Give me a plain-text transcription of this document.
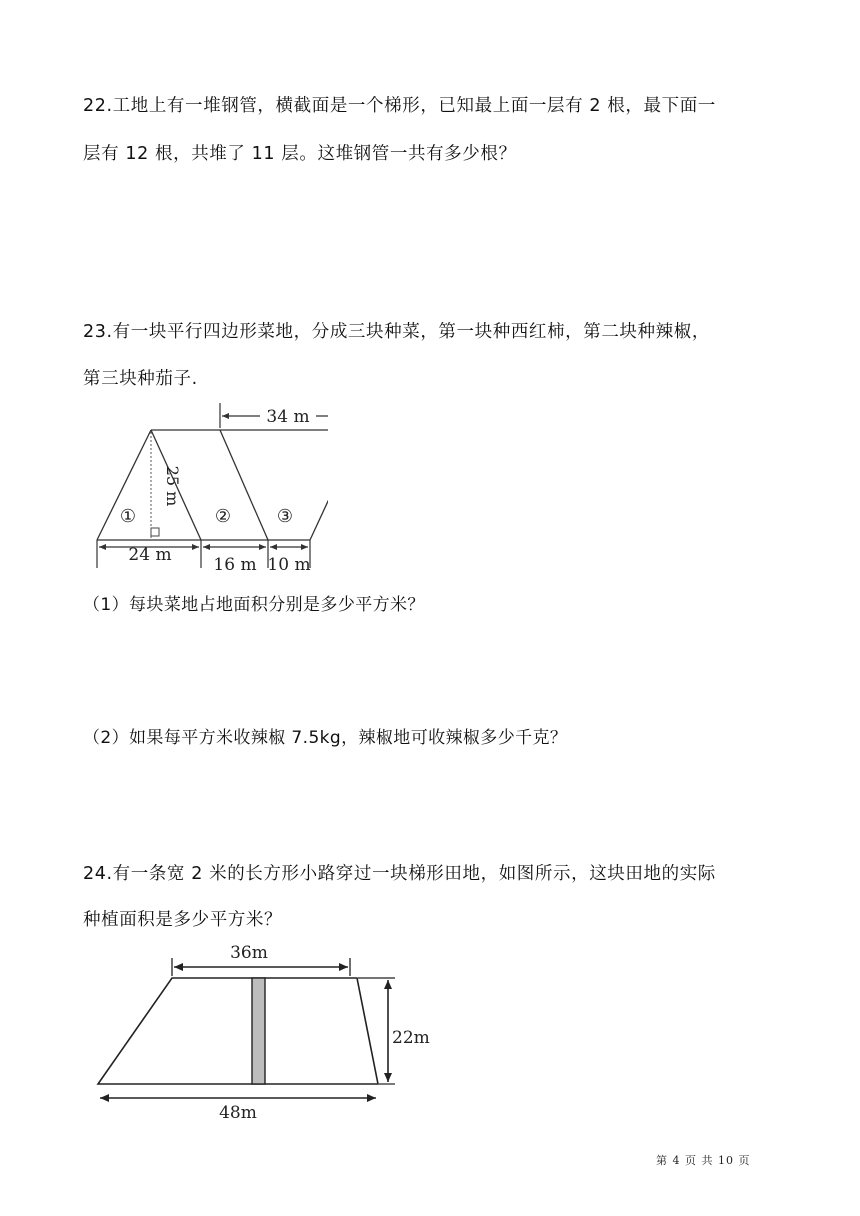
22.工地上有一堆钢管，横截面是一个梯形，已知最上面一层有 2 根，最下面一
层有 12 根，共堆了 11 层。这堆钢管一共有多少根？
23.有一块平行四边形菜地，分成三块种菜，第一块种西红柿，第二块种辣椒，
第三块种茄子.
34 m
25 m
①	②	③
24 m 16 m 10 m
（1）每块菜地占地面积分别是多少平方米？
（2）如果每平方米收辣椒 7.5kg，辣椒地可收辣椒多少千克？
24.有一条宽 2 米的长方形小路穿过一块梯形田地，如图所示，这块田地的实际
种植面积是多少平方米？
36m
22m
48m
第 4 页 共 10 页
